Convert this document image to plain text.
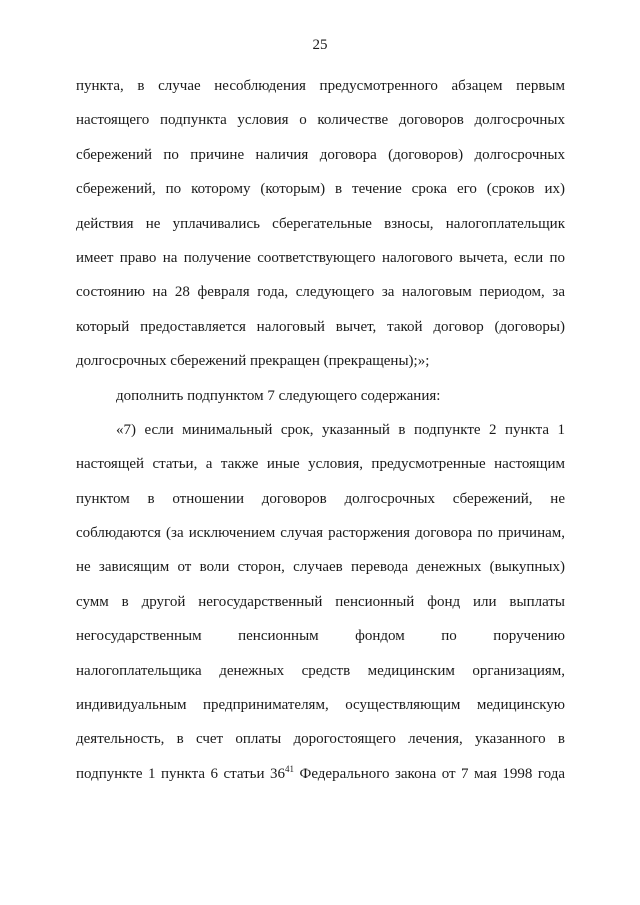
25
пункта, в случае несоблюдения предусмотренного абзацем первым
настоящего подпункта условия о количестве договоров долгосрочных
сбережений по причине наличия договора (договоров) долгосрочных
сбережений, по которому (которым) в течение срока его (сроков их)
действия не уплачивались сберегательные взносы, налогоплательщик
имеет право на получение соответствующего налогового вычета, если по
состоянию на 28 февраля года, следующего за налоговым периодом, за
который предоставляется налоговый вычет, такой договор (договоры)
долгосрочных сбережений прекращен (прекращены);»;
дополнить подпунктом 7 следующего содержания:
«7) если минимальный срок, указанный в подпункте 2 пункта 1
настоящей статьи, а также иные условия, предусмотренные настоящим
пунктом в отношении договоров долгосрочных сбережений, не
соблюдаются (за исключением случая расторжения договора по причинам,
не зависящим от воли сторон, случаев перевода денежных (выкупных)
сумм в другой негосударственный пенсионный фонд или выплаты
негосударственным пенсионным фондом по поручению
налогоплательщика денежных средств медицинским организациям,
индивидуальным предпринимателям, осуществляющим медицинскую
деятельность, в счет оплаты дорогостоящего лечения, указанного в
подпункте 1 пункта 6 статьи $36^{41}$ Федерального закона от 7 мая 1998 года
